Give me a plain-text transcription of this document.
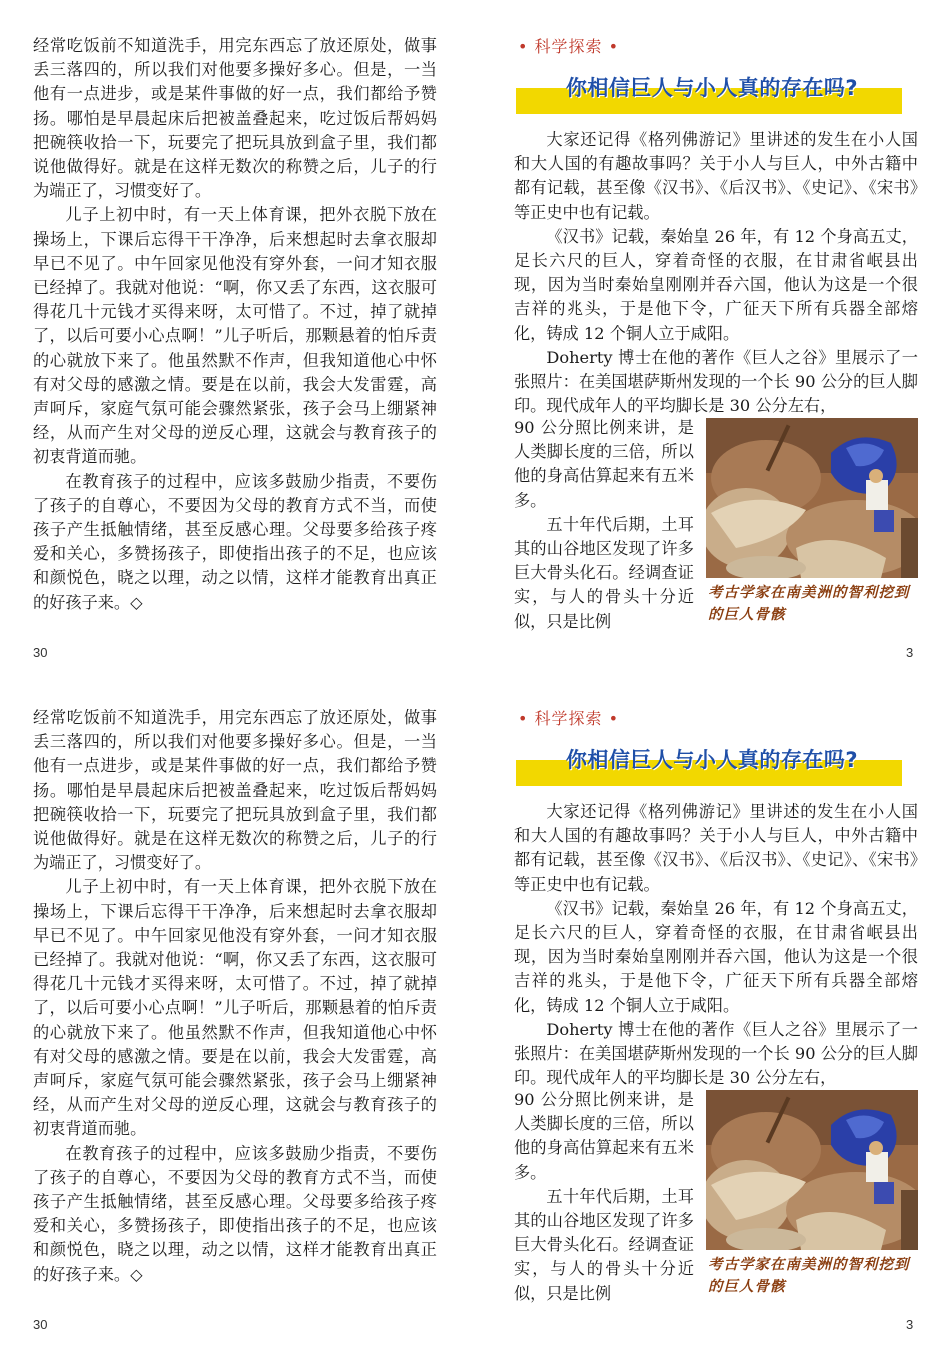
经常吃饭前不知道洗手，用完东西忘了放还原处，做事丢三落四的，所以我们对他要多操好多心。但是，一当他有一点进步，或是某件事做的好一点，我们都给予赞扬。哪怕是早晨起床后把被盖叠起来，吃过饭后帮妈妈把碗筷收拾一下，玩要完了把玩具放到盒子里，我们都说他做得好。就是在这样无数次的称赞之后，儿子的行为端正了，习惯变好了。

儿子上初中时，有一天上体育课，把外衣脱下放在操场上，下课后忘得干干净净，后来想起时去拿衣服却早已不见了。中午回家见他没有穿外套，一问才知衣服已经掉了。我就对他说：“啊，你又丢了东西，这衣服可得花几十元钱才买得来呀，太可惜了。不过，掉了就掉了，以后可要小心点啊！”儿子听后，那颗悬着的怕斥责的心就放下来了。他虽然默不作声，但我知道他心中怀有对父母的感激之情。要是在以前，我会大发雷霆，高声呵斥，家庭气氛可能会骤然紧张，孩子会马上绷紧神经，从而产生对父母的逆反心理，这就会与教育孩子的初衷背道而驰。

在教育孩子的过程中，应该多鼓励少指责，不要伤了孩子的自尊心，不要因为父母的教育方式不当，而使孩子产生抵触情绪，甚至反感心理。父母要多给孩子疼爱和关心，多赞扬孩子，即使指出孩子的不足，也应该和颜悦色，晓之以理，动之以情，这样才能教育出真正的好孩子来。◇

30
• 科学探索 •
你相信巨人与小人真的存在吗?

大家还记得《格列佛游记》里讲述的发生在小人国和大人国的有趣故事吗？关于小人与巨人，中外古籍中都有记载，甚至像《汉书》、《后汉书》、《史记》、《宋书》等正史中也有记载。

《汉书》记载，秦始皇 26 年，有 12 个身高五丈，足长六尺的巨人，穿着奇怪的衣服，在甘肃省岷县出现，因为当时秦始皇刚刚并吞六国，他认为这是一个很吉祥的兆头，于是他下令，广征天下所有兵器全部熔化，铸成 12 个铜人立于咸阳。

Doherty 博士在他的著作《巨人之谷》里展示了一张照片：在美国堪萨斯州发现的一个长 90 公分的巨人脚印。现代成年人的平均脚长是 30 公分左右，

90 公分照比例来讲，是人类脚长度的三倍，所以他的身高估算起来有五米多。

五十年代后期，土耳其的山谷地区发现了许多巨大骨头化石。经调查证实，与人的骨头十分近似，只是比例

考古学家在南美洲的智利挖到的巨人骨骸
3

经常吃饭前不知道洗手，用完东西忘了放还原处，做事丢三落四的，所以我们对他要多操好多心。但是，一当他有一点进步，或是某件事做的好一点，我们都给予赞扬。哪怕是早晨起床后把被盖叠起来，吃过饭后帮妈妈把碗筷收拾一下，玩要完了把玩具放到盒子里，我们都说他做得好。就是在这样无数次的称赞之后，儿子的行为端正了，习惯变好了。

儿子上初中时，有一天上体育课，把外衣脱下放在操场上，下课后忘得干干净净，后来想起时去拿衣服却早已不见了。中午回家见他没有穿外套，一问才知衣服已经掉了。我就对他说：“啊，你又丢了东西，这衣服可得花几十元钱才买得来呀，太可惜了。不过，掉了就掉了，以后可要小心点啊！”儿子听后，那颗悬着的怕斥责的心就放下来了。他虽然默不作声，但我知道他心中怀有对父母的感激之情。要是在以前，我会大发雷霆，高声呵斥，家庭气氛可能会骤然紧张，孩子会马上绷紧神经，从而产生对父母的逆反心理，这就会与教育孩子的初衷背道而驰。

在教育孩子的过程中，应该多鼓励少指责，不要伤了孩子的自尊心，不要因为父母的教育方式不当，而使孩子产生抵触情绪，甚至反感心理。父母要多给孩子疼爱和关心，多赞扬孩子，即使指出孩子的不足，也应该和颜悦色，晓之以理，动之以情，这样才能教育出真正的好孩子来。◇

30
• 科学探索 •
你相信巨人与小人真的存在吗?

大家还记得《格列佛游记》里讲述的发生在小人国和大人国的有趣故事吗？关于小人与巨人，中外古籍中都有记载，甚至像《汉书》、《后汉书》、《史记》、《宋书》等正史中也有记载。

《汉书》记载，秦始皇 26 年，有 12 个身高五丈，足长六尺的巨人，穿着奇怪的衣服，在甘肃省岷县出现，因为当时秦始皇刚刚并吞六国，他认为这是一个很吉祥的兆头，于是他下令，广征天下所有兵器全部熔化，铸成 12 个铜人立于咸阳。

Doherty 博士在他的著作《巨人之谷》里展示了一张照片：在美国堪萨斯州发现的一个长 90 公分的巨人脚印。现代成年人的平均脚长是 30 公分左右，

90 公分照比例来讲，是人类脚长度的三倍，所以他的身高估算起来有五米多。

五十年代后期，土耳其的山谷地区发现了许多巨大骨头化石。经调查证实，与人的骨头十分近似，只是比例

考古学家在南美洲的智利挖到的巨人骨骸
3
